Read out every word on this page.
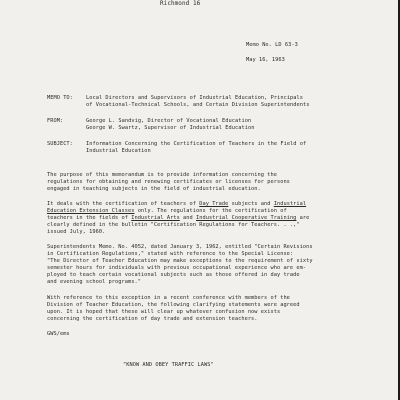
Richmond 16
Memo No. LD 63-3
May 16, 1963
MEMO TO: Local Directors and Supervisors of Industrial Education, Principals
of Vocational-Technical Schools, and Certain Division Superintendents
FROM:	George L. Sandvig, Director of Vocational Education
George W. Swartz, Supervisor of Industrial Education
SUBJECT: Information Concerning the Certification of Teachers in the Field of
Industrial Education
The purpose of this memorandum is to provide information concerning the
regulations for obtaining and renewing certificates or licenses for persons
engaged in teaching subjects in the field of industrial education.
It deals with the certification of teachers of Day Trade subjects and Industrial
Education Extension Classes only. The regulations for the certification of
teachers in the fields of Industrial Arts and Industrial Cooperative Training are
clearly defined in the bulletin "Certification Regulations for Teachers. . .,"
issued July, 1960.
Superintendents Memo. No. 4052, dated January 3, 1962, entitled "Certain Revisions
in Certification Regulations," stated with reference to the Special License:
"The Director of Teacher Education may make exceptions to the requirement of sixty
semester hours for individuals with previous occupational experience who are em-
ployed to teach certain vocational subjects such as those offered in day trade
and evening school programs."
With reference to this exception in a recent conference with members of the
Division of Teacher Education, the following clarifying statements were agreed
upon. It is hoped that these will clear up whatever confusion now exists
concerning the certification of day trade and extension teachers.
GWS/ems
"KNOW AND OBEY TRAFFIC LAWS"
